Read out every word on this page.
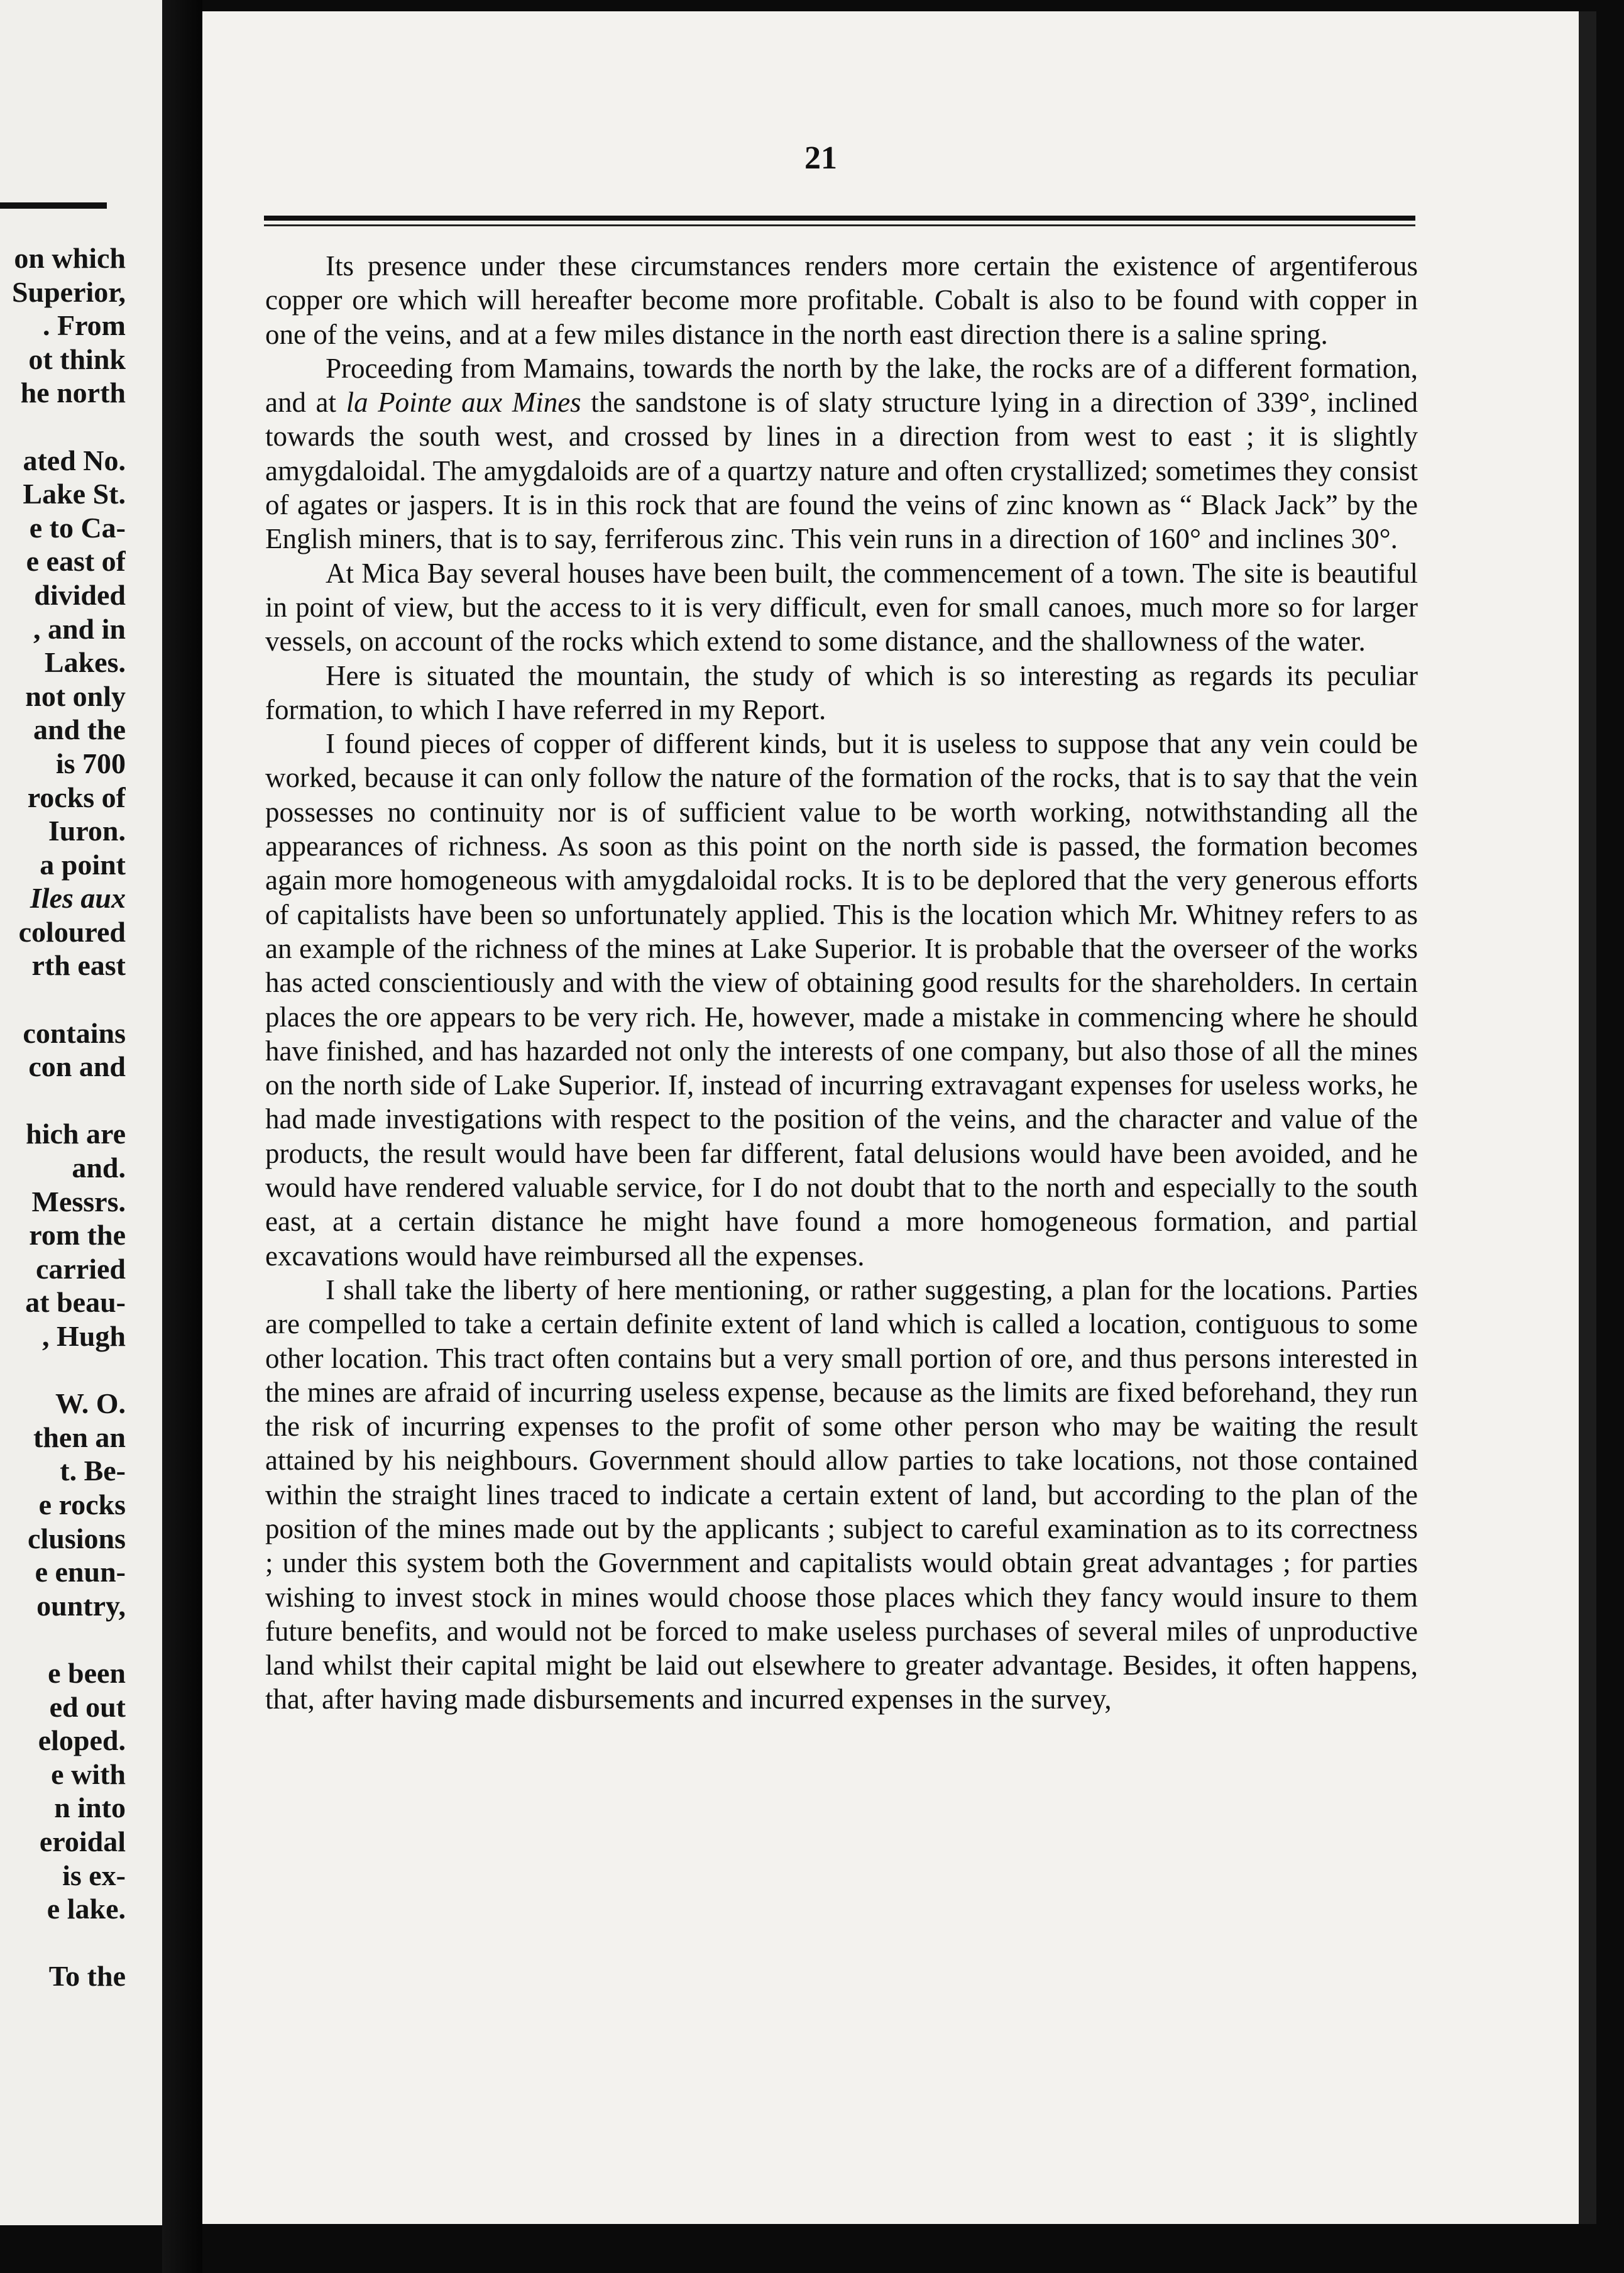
on which
Superior,
. From
ot think
he north
ated No.
Lake St.
e to Ca-
e east of
divided
, and in
Lakes.
not only
and the
is 700
rocks of
Iuron.
a point
Iles aux
coloured
rth east
contains
con and
hich are
and.
Messrs.
rom the
carried
at beau-
, Hugh
W. O.
then an
t. Be-
e rocks
clusions
e enun-
ountry,
e been
ed out
eloped.
e with
n into
eroidal
is ex-
e lake.
To the
21

Its presence under these circumstances renders more certain the existence of argentiferous copper ore which will hereafter become more profitable. Cobalt is also to be found with copper in one of the veins, and at a few miles distance in the north east direction there is a saline spring.

Proceeding from Mamains, towards the north by the lake, the rocks are of a different formation, and at la Pointe aux Mines the sandstone is of slaty structure lying in a direction of 339°, inclined towards the south west, and crossed by lines in a direction from west to east ; it is slightly amygdaloidal. The amygdaloids are of a quartzy nature and often crystallized; sometimes they consist of agates or jaspers. It is in this rock that are found the veins of zinc known as “ Black Jack” by the English miners, that is to say, ferriferous zinc. This vein runs in a direction of 160° and inclines 30°.

At Mica Bay several houses have been built, the commencement of a town. The site is beautiful in point of view, but the access to it is very difficult, even for small canoes, much more so for larger vessels, on account of the rocks which extend to some distance, and the shallowness of the water.

Here is situated the mountain, the study of which is so interesting as regards its peculiar formation, to which I have referred in my Report.

I found pieces of copper of different kinds, but it is useless to suppose that any vein could be worked, because it can only follow the nature of the formation of the rocks, that is to say that the vein possesses no continuity nor is of sufficient value to be worth working, notwithstanding all the appearances of richness. As soon as this point on the north side is passed, the formation becomes again more homogeneous with amygdaloidal rocks. It is to be deplored that the very generous efforts of capitalists have been so unfortunately applied. This is the location which Mr. Whitney refers to as an example of the richness of the mines at Lake Superior. It is probable that the overseer of the works has acted conscientiously and with the view of obtaining good results for the shareholders. In certain places the ore appears to be very rich. He, however, made a mistake in commencing where he should have finished, and has hazarded not only the interests of one company, but also those of all the mines on the north side of Lake Superior. If, instead of incurring extravagant expenses for useless works, he had made investigations with respect to the position of the veins, and the character and value of the products, the result would have been far different, fatal delusions would have been avoided, and he would have rendered valuable service, for I do not doubt that to the north and especially to the south east, at a certain distance he might have found a more homogeneous formation, and partial excavations would have reimbursed all the expenses.

I shall take the liberty of here mentioning, or rather suggesting, a plan for the locations. Parties are compelled to take a certain definite extent of land which is called a location, contiguous to some other location. This tract often contains but a very small portion of ore, and thus persons interested in the mines are afraid of incurring useless expense, because as the limits are fixed beforehand, they run the risk of incurring expenses to the profit of some other person who may be waiting the result attained by his neighbours. Government should allow parties to take locations, not those contained within the straight lines traced to indicate a certain extent of land, but according to the plan of the position of the mines made out by the applicants ; subject to careful examination as to its correctness ; under this system both the Government and capitalists would obtain great advantages ; for parties wishing to invest stock in mines would choose those places which they fancy would insure to them future benefits, and would not be forced to make useless purchases of several miles of unproductive land whilst their capital might be laid out elsewhere to greater advantage. Besides, it often happens, that, after having made disbursements and incurred expenses in the survey,
